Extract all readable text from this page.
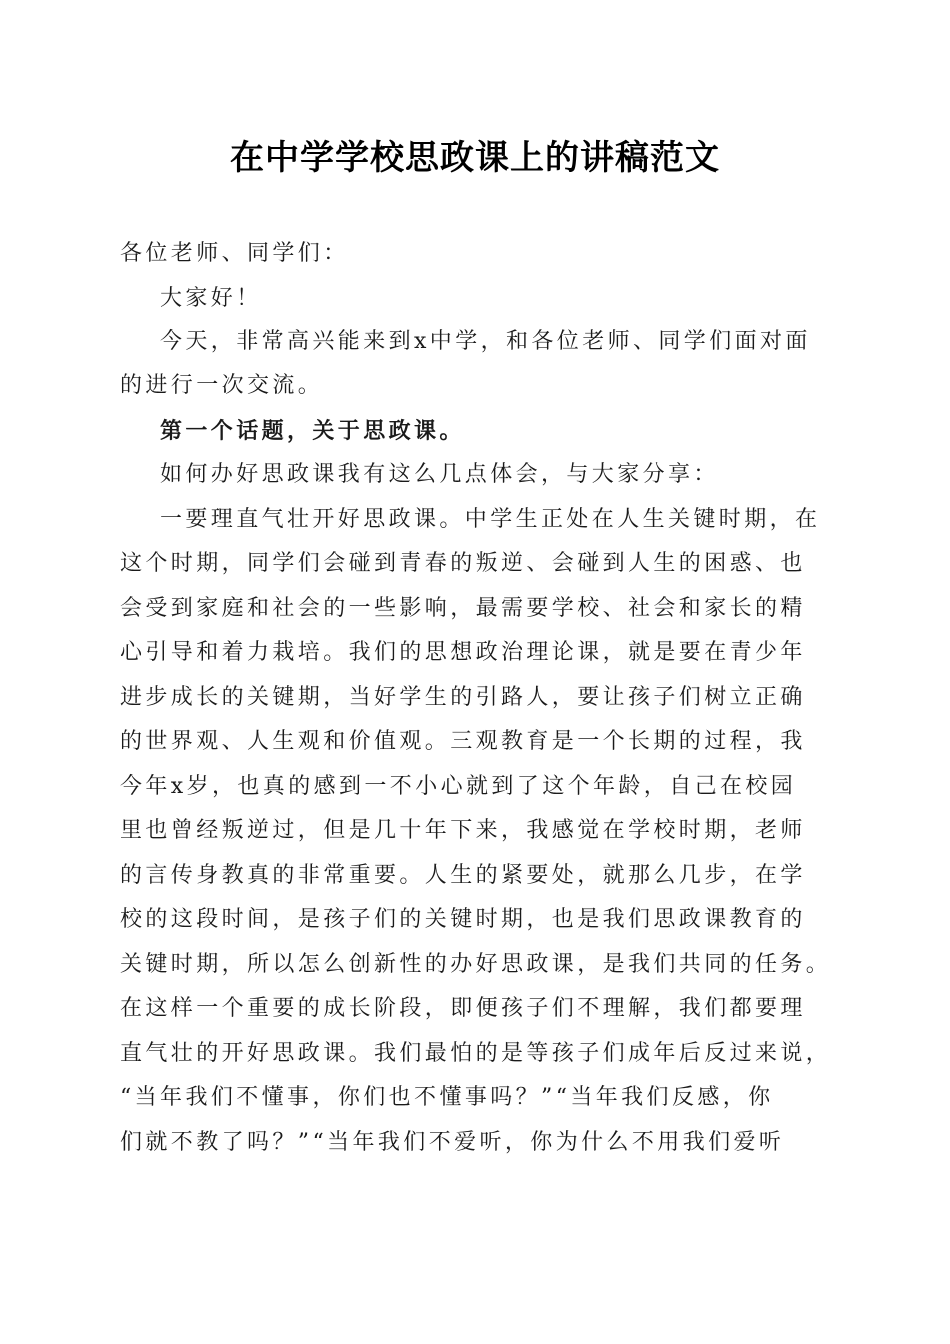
在中学学校思政课上的讲稿范文
各位老师、同学们：
大家好！
今天，非常高兴能来到x中学，和各位老师、同学们面对面
的进行一次交流。
第一个话题，关于思政课。
如何办好思政课我有这么几点体会，与大家分享：
一要理直气壮开好思政课。中学生正处在人生关键时期，在
这个时期，同学们会碰到青春的叛逆、会碰到人生的困惑、也
会受到家庭和社会的一些影响，最需要学校、社会和家长的精
心引导和着力栽培。我们的思想政治理论课，就是要在青少年
进步成长的关键期，当好学生的引路人，要让孩子们树立正确
的世界观、人生观和价值观。三观教育是一个长期的过程，我
今年x岁，也真的感到一不小心就到了这个年龄，自己在校园
里也曾经叛逆过，但是几十年下来，我感觉在学校时期，老师
的言传身教真的非常重要。人生的紧要处，就那么几步，在学
校的这段时间，是孩子们的关键时期，也是我们思政课教育的
关键时期，所以怎么创新性的办好思政课，是我们共同的任务。
在这样一个重要的成长阶段，即便孩子们不理解，我们都要理
直气壮的开好思政课。我们最怕的是等孩子们成年后反过来说，
“当年我们不懂事，你们也不懂事吗？”“当年我们反感，你
们就不教了吗？”“当年我们不爱听，你为什么不用我们爱听
